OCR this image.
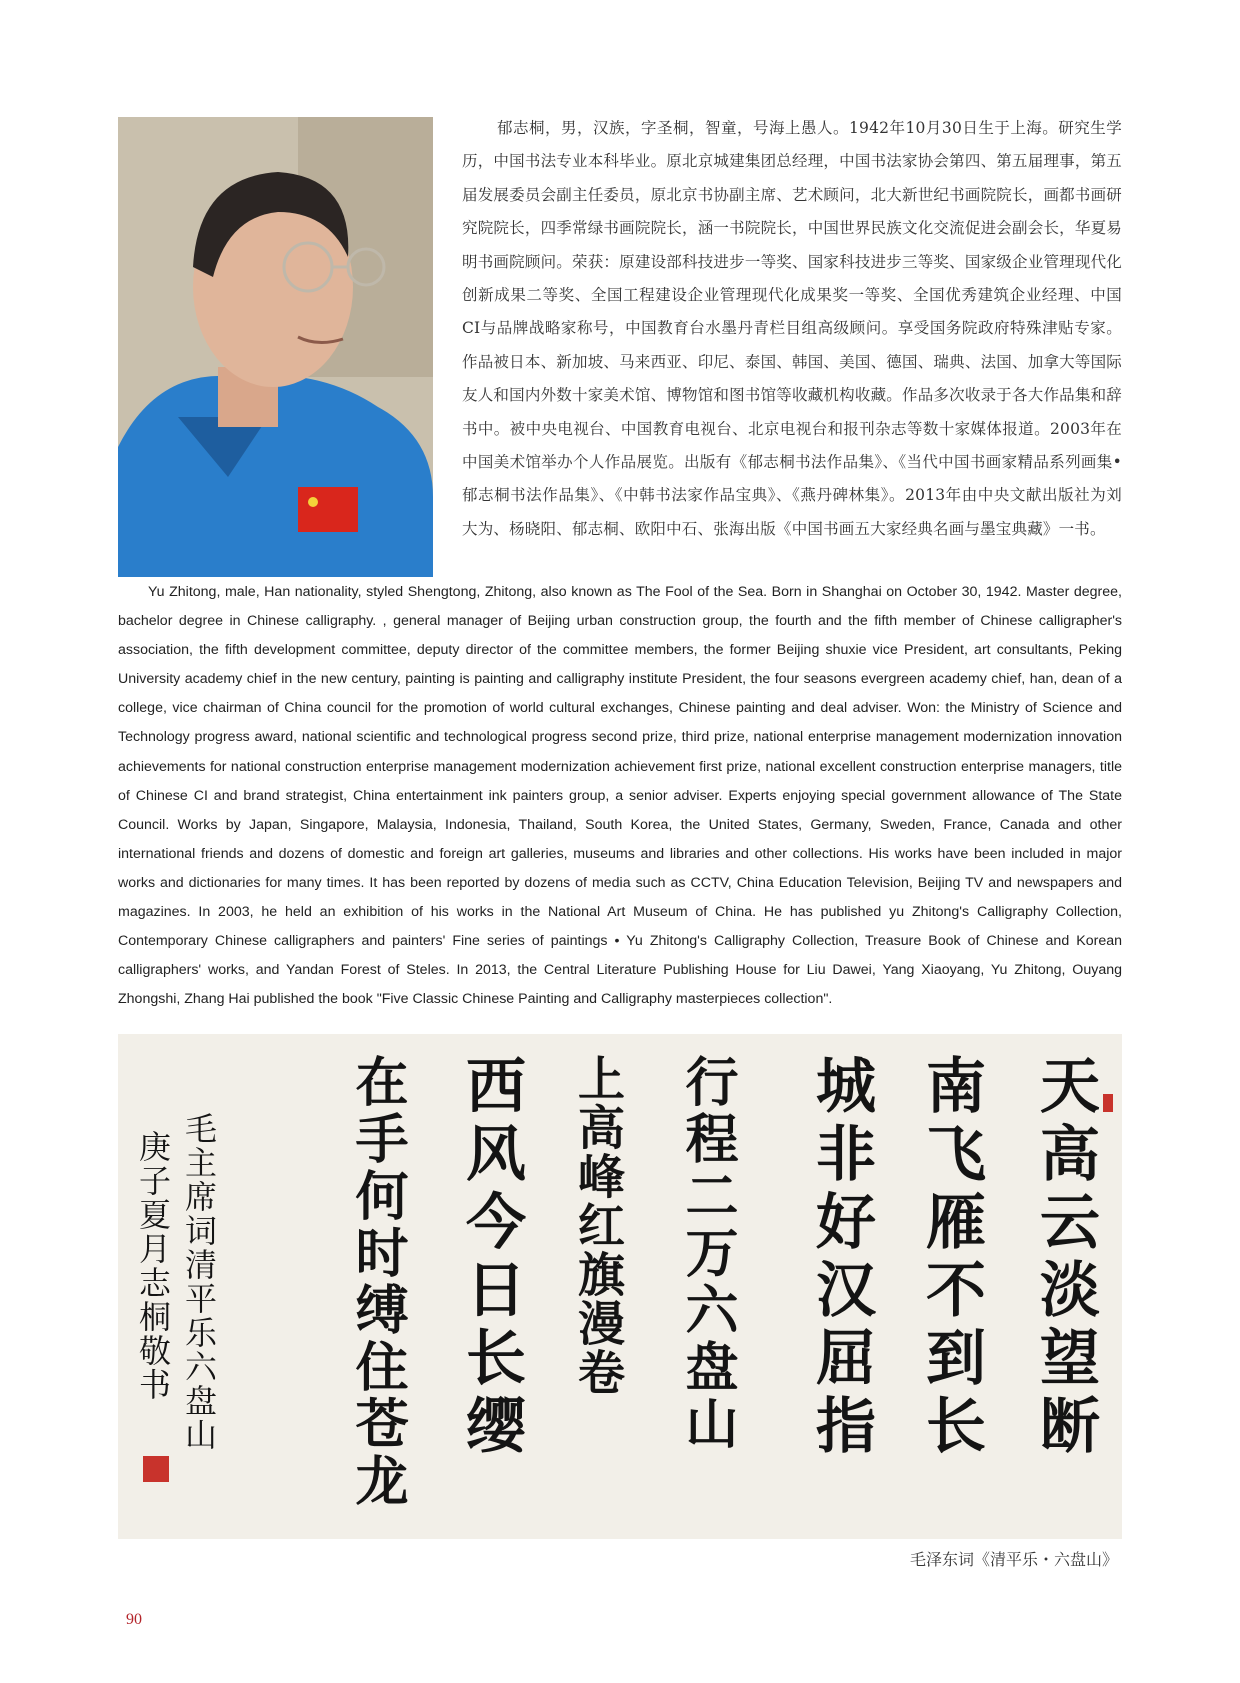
郁志桐，男，汉族，字圣桐，智童，号海上愚人。1942年10月30日生于上海。研究生学历，中国书法专业本科毕业。原北京城建集团总经理，中国书法家协会第四、第五届理事，第五届发展委员会副主任委员，原北京书协副主席、艺术顾问，北大新世纪书画院院长，画都书画研究院院长，四季常绿书画院院长，涵一书院院长，中国世界民族文化交流促进会副会长，华夏易明书画院顾问。荣获：原建设部科技进步一等奖、国家科技进步三等奖、国家级企业管理现代化创新成果二等奖、全国工程建设企业管理现代化成果奖一等奖、全国优秀建筑企业经理、中国CI与品牌战略家称号，中国教育台水墨丹青栏目组高级顾问。享受国务院政府特殊津贴专家。作品被日本、新加坡、马来西亚、印尼、泰国、韩国、美国、德国、瑞典、法国、加拿大等国际友人和国内外数十家美术馆、博物馆和图书馆等收藏机构收藏。作品多次收录于各大作品集和辞书中。被中央电视台、中国教育电视台、北京电视台和报刊杂志等数十家媒体报道。2003年在中国美术馆举办个人作品展览。出版有《郁志桐书法作品集》、《当代中国书画家精品系列画集•郁志桐书法作品集》、《中韩书法家作品宝典》、《燕丹碑林集》。2013年由中央文献出版社为刘大为、杨晓阳、郁志桐、欧阳中石、张海出版《中国书画五大家经典名画与墨宝典藏》一书。
Yu Zhitong, male, Han nationality, styled Shengtong, Zhitong, also known as The Fool of the Sea. Born in Shanghai on October 30, 1942. Master degree, bachelor degree in Chinese calligraphy. , general manager of Beijing urban construction group, the fourth and the fifth member of Chinese calligrapher's association, the fifth development committee, deputy director of the committee members, the former Beijing shuxie vice President, art consultants, Peking University academy chief in the new century, painting is painting and calligraphy institute President, the four seasons evergreen academy chief, han, dean of a college, vice chairman of China council for the promotion of world cultural exchanges, Chinese painting and deal adviser. Won: the Ministry of Science and Technology progress award, national scientific and technological progress second prize, third prize, national enterprise management modernization innovation achievements for national construction enterprise management modernization achievement first prize, national excellent construction enterprise managers, title of Chinese CI and brand strategist, China entertainment ink painters group, a senior adviser. Experts enjoying special government allowance of The State Council. Works by Japan, Singapore, Malaysia, Indonesia, Thailand, South Korea, the United States, Germany, Sweden, France, Canada and other international friends and dozens of domestic and foreign art galleries, museums and libraries and other collections. His works have been included in major works and dictionaries for many times. It has been reported by dozens of media such as CCTV, China Education Television, Beijing TV and newspapers and magazines. In 2003, he held an exhibition of his works in the National Art Museum of China. He has published yu Zhitong's Calligraphy Collection, Contemporary Chinese calligraphers and painters' Fine series of paintings • Yu Zhitong's Calligraphy Collection, Treasure Book of Chinese and Korean calligraphers' works, and Yandan Forest of Steles. In 2013, the Central Literature Publishing House for Liu Dawei, Yang Xiaoyang, Yu Zhitong, Ouyang Zhongshi, Zhang Hai published the book "Five Classic Chinese Painting and Calligraphy masterpieces collection".
天高云淡望断
南飞雁不到长
城非好汉屈指
行程二万六盘山
上高峰红旗漫卷
西风今日长缨
在手何时缚住苍龙
毛主席词清平乐六盘山
庚子夏月志桐敬书
毛泽东词《清平乐・六盘山》
90
